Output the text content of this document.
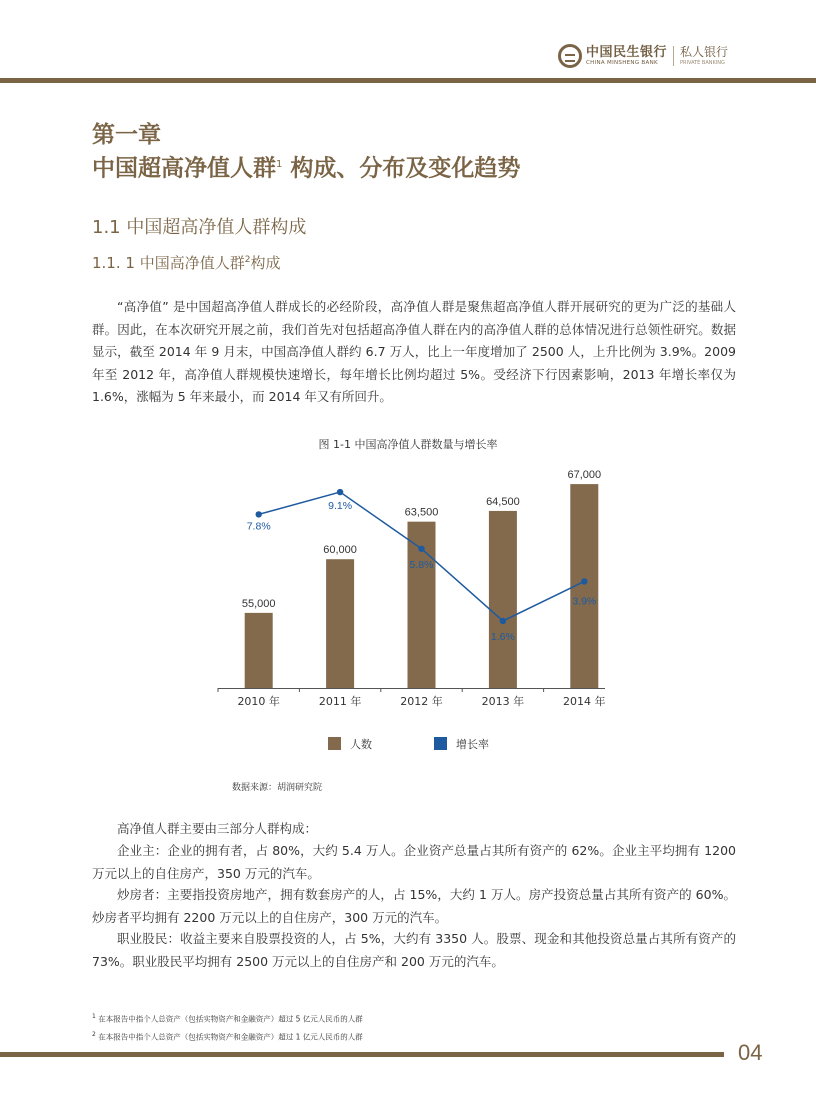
中国民生银行
CHINA MINSHENG BANK
私人银行
PRIVATE BANKING
第一章
中国超高净值人群$^1$ 构成、分布及变化趋势
1.1 中国超高净值人群构成
1.1. 1 中国高净值人群$^2$构成

“高净值” 是中国超高净值人群成长的必经阶段，高净值人群是聚焦超高净值人群开展研究的更为广泛的基础人群。因此，在本次研究开展之前，我们首先对包括超高净值人群在内的高净值人群的总体情况进行总领性研究。数据显示，截至 2014 年 9 月末，中国高净值人群约 6.7 万人，比上一年度增加了 2500 人，上升比例为 3.9%。2009 年至 2012 年，高净值人群规模快速增长，每年增长比例均超过 5%。受经济下行因素影响，2013 年增长率仅为 1.6%，涨幅为 5 年来最小，而 2014 年又有所回升。

图 1-1 中国高净值人群数量与增长率
55,000
60,000
63,500
64,500
67,000
7.8%
9.1%
5.8%
1.6%
3.9%
2010 年	2011 年	2012 年	2013 年	2014 年
人数	增长率
数据来源：胡润研究院

高净值人群主要由三部分人群构成：

企业主：企业的拥有者，占 80%，大约 5.4 万人。企业资产总量占其所有资产的 62%。企业主平均拥有 1200 万元以上的自住房产，350 万元的汽车。

炒房者：主要指投资房地产，拥有数套房产的人，占 15%，大约 1 万人。房产投资总量占其所有资产的 60%。炒房者平均拥有 2200 万元以上的自住房产，300 万元的汽车。

职业股民：收益主要来自股票投资的人，占 5%，大约有 3350 人。股票、现金和其他投资总量占其所有资产的 73%。职业股民平均拥有 2500 万元以上的自住房产和 200 万元的汽车。

$^1$ 在本报告中指个人总资产（包括实物资产和金融资产）超过 5 亿元人民币的人群
$^2$ 在本报告中指个人总资产（包括实物资产和金融资产）超过 1 亿元人民币的人群
04
